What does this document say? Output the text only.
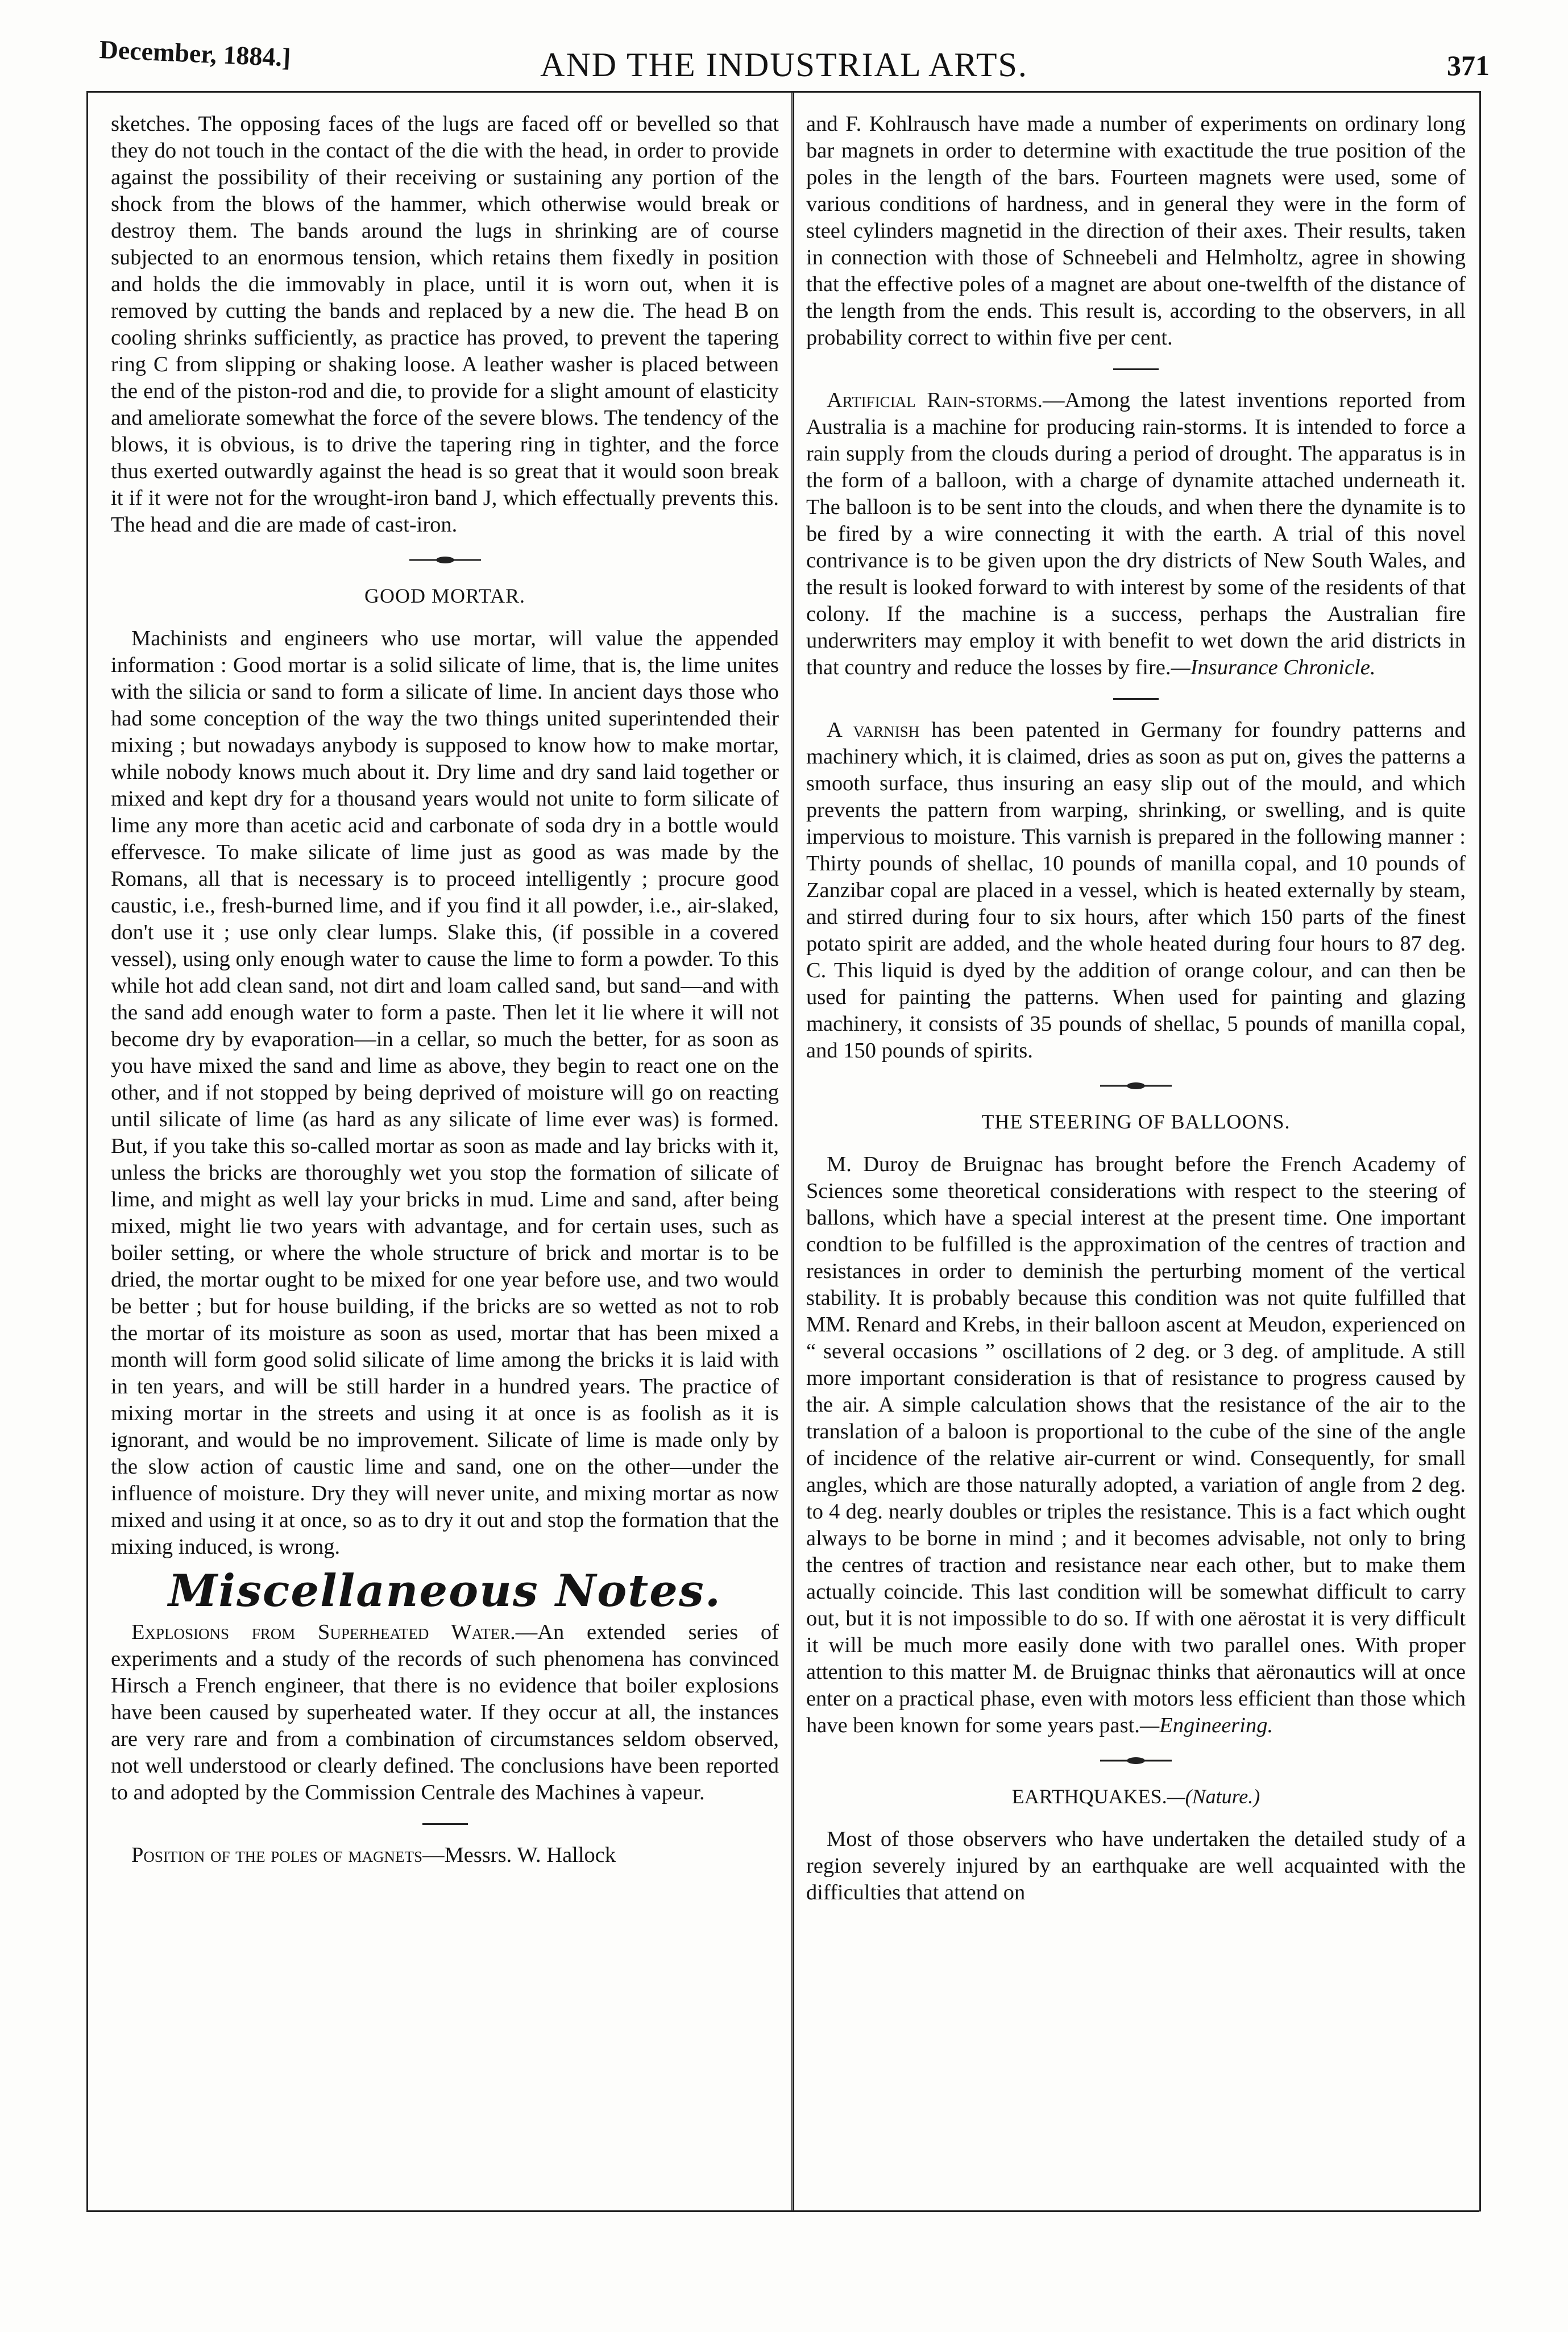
December, 1884.]	AND THE INDUSTRIAL ARTS.	371

sketches. The opposing faces of the lugs are faced off or bevelled so that they do not touch in the contact of the die with the head, in order to provide against the possibility of their receiving or sustaining any portion of the shock from the blows of the hammer, which otherwise would break or destroy them. The bands around the lugs in shrinking are of course subjected to an enormous tension, which retains them fixedly in position and holds the die immovably in place, until it is worn out, when it is removed by cutting the bands and replaced by a new die. The head B on cooling shrinks sufficiently, as practice has proved, to prevent the tapering ring C from slipping or shaking loose. A leather washer is placed between the end of the piston-rod and die, to provide for a slight amount of elasticity and ameliorate somewhat the force of the severe blows. The tendency of the blows, it is obvious, is to drive the tapering ring in tighter, and the force thus exerted outwardly against the head is so great that it would soon break it if it were not for the wrought-iron band J, which effectually prevents this. The head and die are made of cast-iron.

GOOD MORTAR.

Machinists and engineers who use mortar, will value the appended information : Good mortar is a solid silicate of lime, that is, the lime unites with the silicia or sand to form a silicate of lime. In ancient days those who had some conception of the way the two things united superintended their mixing ; but nowadays anybody is supposed to know how to make mortar, while nobody knows much about it. Dry lime and dry sand laid together or mixed and kept dry for a thousand years would not unite to form silicate of lime any more than acetic acid and carbonate of soda dry in a bottle would effervesce. To make silicate of lime just as good as was made by the Romans, all that is necessary is to proceed intelligently ; procure good caustic, i.e., fresh-burned lime, and if you find it all powder, i.e., air-slaked, don't use it ; use only clear lumps. Slake this, (if possible in a covered vessel), using only enough water to cause the lime to form a powder. To this while hot add clean sand, not dirt and loam called sand, but sand—and with the sand add enough water to form a paste. Then let it lie where it will not become dry by evaporation—in a cellar, so much the better, for as soon as you have mixed the sand and lime as above, they begin to react one on the other, and if not stopped by being deprived of moisture will go on reacting until silicate of lime (as hard as any silicate of lime ever was) is formed. But, if you take this so-called mortar as soon as made and lay bricks with it, unless the bricks are thoroughly wet you stop the formation of silicate of lime, and might as well lay your bricks in mud. Lime and sand, after being mixed, might lie two years with advantage, and for certain uses, such as boiler setting, or where the whole structure of brick and mortar is to be dried, the mortar ought to be mixed for one year before use, and two would be better ; but for house building, if the bricks are so wetted as not to rob the mortar of its moisture as soon as used, mortar that has been mixed a month will form good solid silicate of lime among the bricks it is laid with in ten years, and will be still harder in a hundred years. The practice of mixing mortar in the streets and using it at once is as foolish as it is ignorant, and would be no improvement. Silicate of lime is made only by the slow action of caustic lime and sand, one on the other—under the influence of moisture. Dry they will never unite, and mixing mortar as now mixed and using it at once, so as to dry it out and stop the formation that the mixing induced, is wrong.

Miscellaneous Notes.

Explosions from Superheated Water.—An extended series of experiments and a study of the records of such phenomena has convinced Hirsch a French engineer, that there is no evidence that boiler explosions have been caused by superheated water. If they occur at all, the instances are very rare and from a combination of circumstances seldom observed, not well understood or clearly defined. The conclusions have been reported to and adopted by the Commission Centrale des Machines à vapeur.

Position of the poles of magnets—Messrs. W. Hallock

and F. Kohlrausch have made a number of experiments on ordinary long bar magnets in order to determine with exactitude the true position of the poles in the length of the bars. Fourteen magnets were used, some of various conditions of hardness, and in general they were in the form of steel cylinders magnetid in the direction of their axes. Their results, taken in connection with those of Schneebeli and Helmholtz, agree in showing that the effective poles of a magnet are about one-twelfth of the distance of the length from the ends. This result is, according to the observers, in all probability correct to within five per cent.

Artificial Rain-storms.—Among the latest inventions reported from Australia is a machine for producing rain-storms. It is intended to force a rain supply from the clouds during a period of drought. The apparatus is in the form of a balloon, with a charge of dynamite attached underneath it. The balloon is to be sent into the clouds, and when there the dynamite is to be fired by a wire connecting it with the earth. A trial of this novel contrivance is to be given upon the dry districts of New South Wales, and the result is looked forward to with interest by some of the residents of that colony. If the machine is a success, perhaps the Australian fire underwriters may employ it with benefit to wet down the arid districts in that country and reduce the losses by fire.—Insurance Chronicle.

A varnish has been patented in Germany for foundry patterns and machinery which, it is claimed, dries as soon as put on, gives the patterns a smooth surface, thus insuring an easy slip out of the mould, and which prevents the pattern from warping, shrinking, or swelling, and is quite impervious to moisture. This varnish is prepared in the following manner : Thirty pounds of shellac, 10 pounds of manilla copal, and 10 pounds of Zanzibar copal are placed in a vessel, which is heated externally by steam, and stirred during four to six hours, after which 150 parts of the finest potato spirit are added, and the whole heated during four hours to 87 deg. C. This liquid is dyed by the addition of orange colour, and can then be used for painting the patterns. When used for painting and glazing machinery, it consists of 35 pounds of shellac, 5 pounds of manilla copal, and 150 pounds of spirits.

THE STEERING OF BALLOONS.

M. Duroy de Bruignac has brought before the French Academy of Sciences some theoretical considerations with respect to the steering of ballons, which have a special interest at the present time. One important condtion to be fulfilled is the approximation of the centres of traction and resistances in order to deminish the perturbing moment of the vertical stability. It is probably because this condition was not quite fulfilled that MM. Renard and Krebs, in their balloon ascent at Meudon, experienced on “ several occasions ” oscillations of 2 deg. or 3 deg. of amplitude. A still more important consideration is that of resistance to progress caused by the air. A simple calculation shows that the resistance of the air to the translation of a baloon is proportional to the cube of the sine of the angle of incidence of the relative air-current or wind. Consequently, for small angles, which are those naturally adopted, a variation of angle from 2 deg. to 4 deg. nearly doubles or triples the resistance. This is a fact which ought always to be borne in mind ; and it becomes advisable, not only to bring the centres of traction and resistance near each other, but to make them actually coincide. This last condition will be somewhat difficult to carry out, but it is not impossible to do so. If with one aërostat it is very difficult it will be much more easily done with two parallel ones. With proper attention to this matter M. de Bruignac thinks that aëronautics will at once enter on a practical phase, even with motors less efficient than those which have been known for some years past.—Engineering.

EARTHQUAKES.—(Nature.)

Most of those observers who have undertaken the detailed study of a region severely injured by an earthquake are well acquainted with the difficulties that attend on
